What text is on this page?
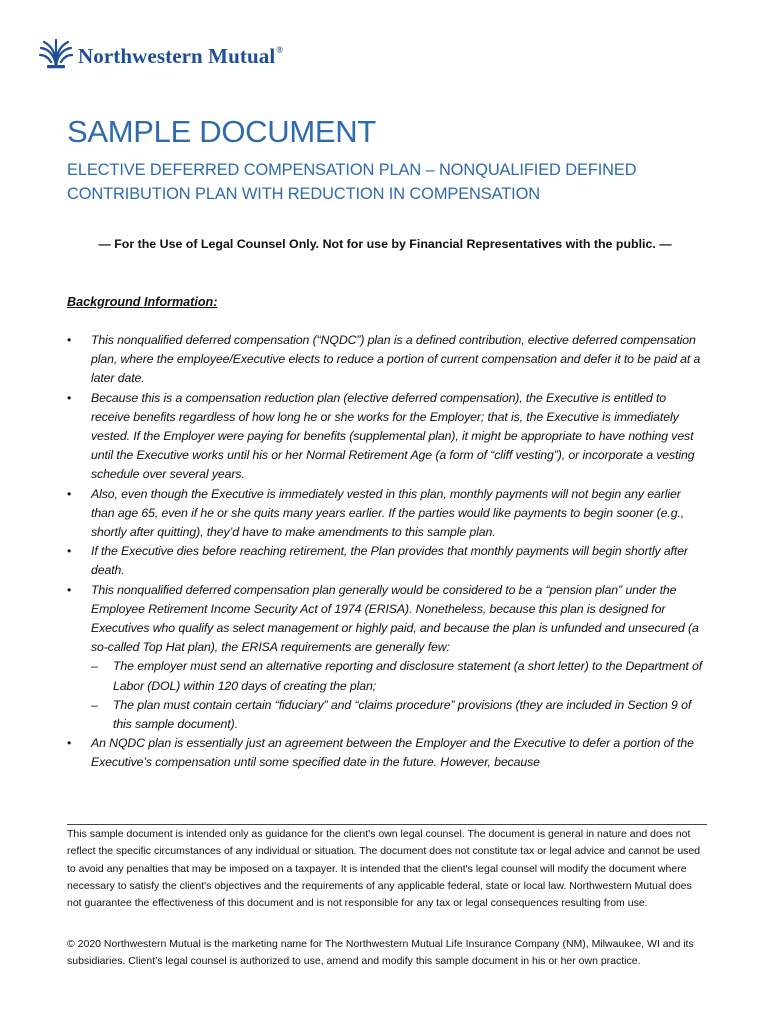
Northwestern Mutual®
SAMPLE DOCUMENT
ELECTIVE DEFERRED COMPENSATION PLAN – NONQUALIFIED DEFINED CONTRIBUTION PLAN WITH REDUCTION IN COMPENSATION
— For the Use of Legal Counsel Only. Not for use by Financial Representatives with the public. —
Background Information:
• This nonqualified deferred compensation (“NQDC”) plan is a defined contribution, elective deferred compensation plan, where the employee/Executive elects to reduce a portion of current compensation and defer it to be paid at a later date.
• Because this is a compensation reduction plan (elective deferred compensation), the Executive is entitled to receive benefits regardless of how long he or she works for the Employer; that is, the Executive is immediately vested. If the Employer were paying for benefits (supplemental plan), it might be appropriate to have nothing vest until the Executive works until his or her Normal Retirement Age (a form of “cliff vesting”), or incorporate a vesting schedule over several years.
• Also, even though the Executive is immediately vested in this plan, monthly payments will not begin any earlier than age 65, even if he or she quits many years earlier. If the parties would like payments to begin sooner (e.g., shortly after quitting), they’d have to make amendments to this sample plan.
• If the Executive dies before reaching retirement, the Plan provides that monthly payments will begin shortly after death.
• This nonqualified deferred compensation plan generally would be considered to be a “pension plan” under the Employee Retirement Income Security Act of 1974 (ERISA). Nonetheless, because this plan is designed for Executives who qualify as select management or highly paid, and because the plan is unfunded and unsecured (a so-called Top Hat plan), the ERISA requirements are generally few:
– The employer must send an alternative reporting and disclosure statement (a short letter) to the Department of Labor (DOL) within 120 days of creating the plan;
– The plan must contain certain “fiduciary” and “claims procedure” provisions (they are included in Section 9 of this sample document).
• An NQDC plan is essentially just an agreement between the Employer and the Executive to defer a portion of the Executive’s compensation until some specified date in the future. However, because

This sample document is intended only as guidance for the client's own legal counsel. The document is general in nature and does not reflect the specific circumstances of any individual or situation. The document does not constitute tax or legal advice and cannot be used to avoid any penalties that may be imposed on a taxpayer. It is intended that the client's legal counsel will modify the document where necessary to satisfy the client's objectives and the requirements of any applicable federal, state or local law. Northwestern Mutual does not guarantee the effectiveness of this document and is not responsible for any tax or legal consequences resulting from use.

© 2020 Northwestern Mutual is the marketing name for The Northwestern Mutual Life Insurance Company (NM), Milwaukee, WI and its subsidiaries. Client’s legal counsel is authorized to use, amend and modify this sample document in his or her own practice.
